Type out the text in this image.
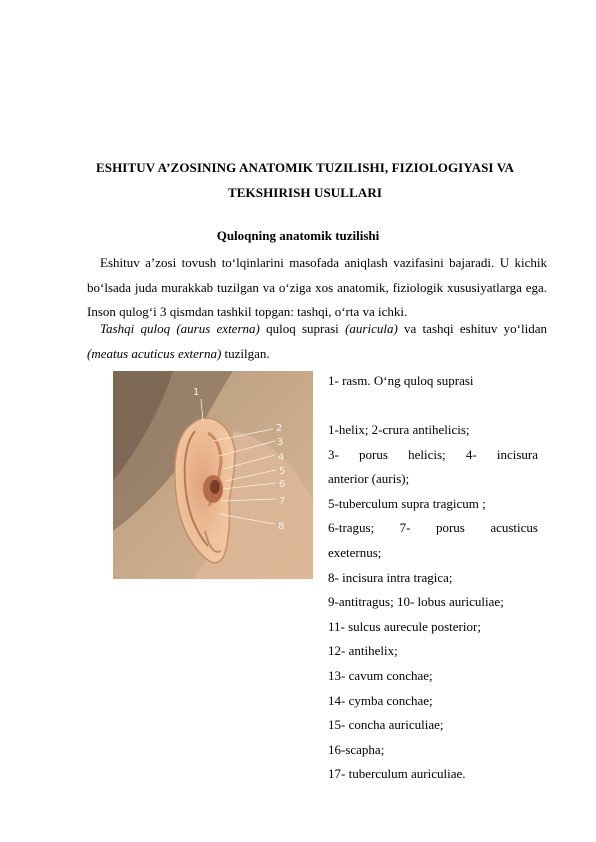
ESHITUV A’ZOSINING ANATOMIK TUZILISHI, FIZIOLOGIYASI VA
TEKSHIRISH USULLARI
Quloqning anatomik tuzilishi
Eshituv a’zosi tovush to‘lqinlarini masofada aniqlash vazifasini bajaradi. U kichik bo‘lsada juda murakkab tuzilgan va o‘ziga xos anatomik, fiziologik xususiyatlarga ega. Inson qulog‘i 3 qismdan tashkil topgan: tashqi, o‘rta va ichki.
Tashqi quloq (aurus externa) quloq suprasi (auricula) va tashqi eshituv yo‘lidan (meatus acuticus externa) tuzilgan.
1
2
3
4
5
6
7
8
1- rasm. O‘ng quloq suprasi
1-helix; 2-crura antihelicis;
3- porus helicis; 4- incisura
anterior (auris);
5-tuberculum supra tragicum ;
6-tragus; 7- porus acusticus
exeternus;
8- incisura intra tragica;
9-antitragus; 10- lobus auriculiae;
11- sulcus aurecule posterior;
12- antihelix;
13- cavum conchae;
14- cymba conchae;
15- concha auriculiae;
16-scapha;
17- tuberculum auriculiae.
